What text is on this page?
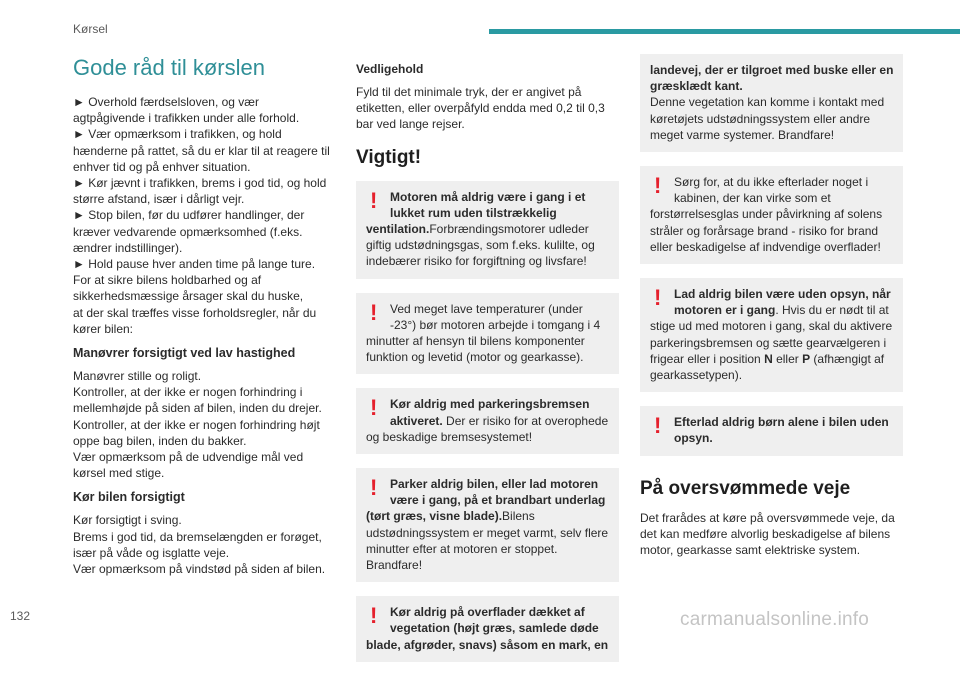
Kørsel
Gode råd til kørslen
► Overhold færdselsloven, og vær
agtpågivende i trafikken under alle forhold.
► Vær opmærksom i trafikken, og hold
hænderne på rattet, så du er klar til at reagere til
enhver tid og på enhver situation.
► Kør jævnt i trafikken, brems i god tid, og hold
større afstand, især i dårligt vejr.
► Stop bilen, før du udfører handlinger, der
kræver vedvarende opmærksomhed (f.eks.
ændrer indstillinger).
► Hold pause hver anden time på lange ture.
For at sikre bilens holdbarhed og af
sikkerhedsmæssige årsager skal du huske,
at der skal træffes visse forholdsregler, når du
kører bilen:
Manøvrer forsigtigt ved lav hastighed
Manøvrer stille og roligt.
Kontroller, at der ikke er nogen forhindring i
mellemhøjde på siden af bilen, inden du drejer.
Kontroller, at der ikke er nogen forhindring højt
oppe bag bilen, inden du bakker.
Vær opmærksom på de udvendige mål ved
kørsel med stige.
Kør bilen forsigtigt
Kør forsigtigt i sving.
Brems i god tid, da bremselængden er forøget,
især på våde og isglatte veje.
Vær opmærksom på vindstød på siden af bilen.
Vedligehold
Fyld til det minimale tryk, der er angivet på
etiketten, eller overpåfyld endda med 0,2 til 0,3
bar ved lange rejser.
Vigtigt!
!	Motoren må aldrig være i gang i et
lukket rum uden tilstrækkelig
ventilation.Forbrændingsmotorer udleder
giftig udstødningsgas, som f.eks. kulilte, og
indebærer risiko for forgiftning og livsfare!
!	Ved meget lave temperaturer (under
-23°) bør motoren arbejde i tomgang i 4
minutter af hensyn til bilens komponenter
funktion og levetid (motor og gearkasse).
!	Kør aldrig med parkeringsbremsen
aktiveret. Der er risiko for at overophede
og beskadige bremsesystemet!
!	Parker aldrig bilen, eller lad motoren
være i gang, på et brandbart underlag
(tørt græs, visne blade).Bilens
udstødningssystem er meget varmt, selv flere
minutter efter at motoren er stoppet.
Brandfare!
!	Kør aldrig på overflader dækket af
vegetation (højt græs, samlede døde
blade, afgrøder, snavs) såsom en mark, en
landevej, der er tilgroet med buske eller en
græsklædt kant.
Denne vegetation kan komme i kontakt med
køretøjets udstødningssystem eller andre
meget varme systemer. Brandfare!
!	Sørg for, at du ikke efterlader noget i
kabinen, der kan virke som et
forstørrelsesglas under påvirkning af solens
stråler og forårsage brand - risiko for brand
eller beskadigelse af indvendige overflader!
!	Lad aldrig bilen være uden opsyn, når
motoren er i gang. Hvis du er nødt til at
stige ud med motoren i gang, skal du aktivere
parkeringsbremsen og sætte gearvælgeren i
frigear eller i position N eller P (afhængigt af
gearkassetypen).
!	Efterlad aldrig børn alene i bilen uden
opsyn.
På oversvømmede veje
Det frarådes at køre på oversvømmede veje, da
det kan medføre alvorlig beskadigelse af bilens
motor, gearkasse samt elektriske system.
132	carmanualsonline.info
